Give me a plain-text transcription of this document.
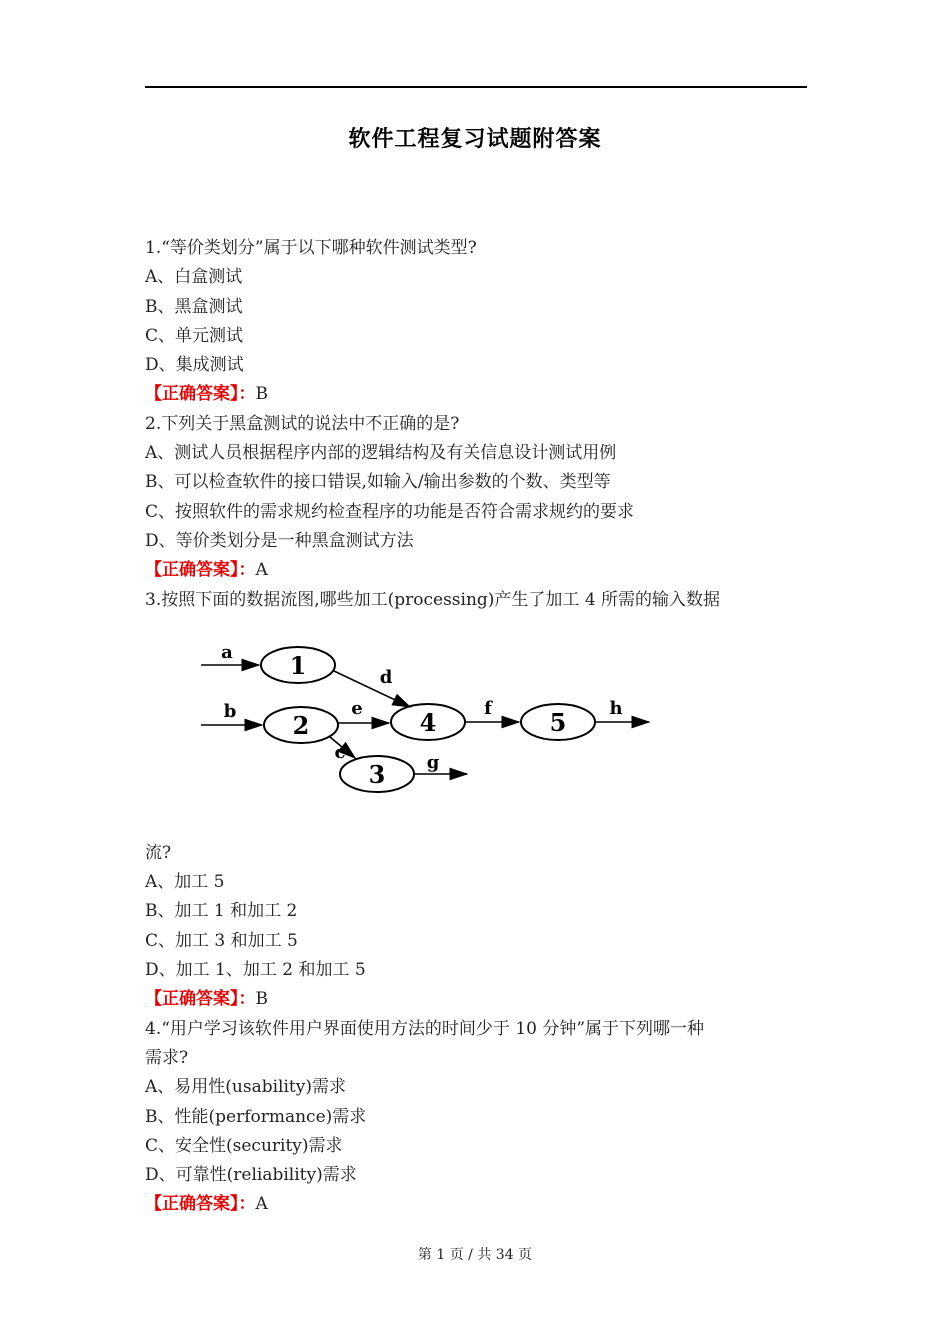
软件工程复习试题附答案
1.“等价类划分”属于以下哪种软件测试类型?
A、白盒测试
B、黑盒测试
C、单元测试
D、集成测试
【正确答案】：B
2.下列关于黑盒测试的说法中不正确的是?
A、测试人员根据程序内部的逻辑结构及有关信息设计测试用例
B、可以检查软件的接口错误,如输入/输出参数的个数、类型等
C、按照软件的需求规约检查程序的功能是否符合需求规约的要求
D、等价类划分是一种黑盒测试方法
【正确答案】：A
3.按照下面的数据流图,哪些加工(processing)产生了加工 4 所需的输入数据
1
2
3
4	5
a
b
c
d
e	f
g
h
流?
A、加工 5
B、加工 1 和加工 2
C、加工 3 和加工 5
D、加工 1、加工 2 和加工 5
【正确答案】：B
4.“用户学习该软件用户界面使用方法的时间少于 10 分钟”属于下列哪一种
需求?
A、易用性(usability)需求
B、性能(performance)需求
C、安全性(security)需求
D、可靠性(reliability)需求
【正确答案】：A
第 1 页 / 共 34 页
